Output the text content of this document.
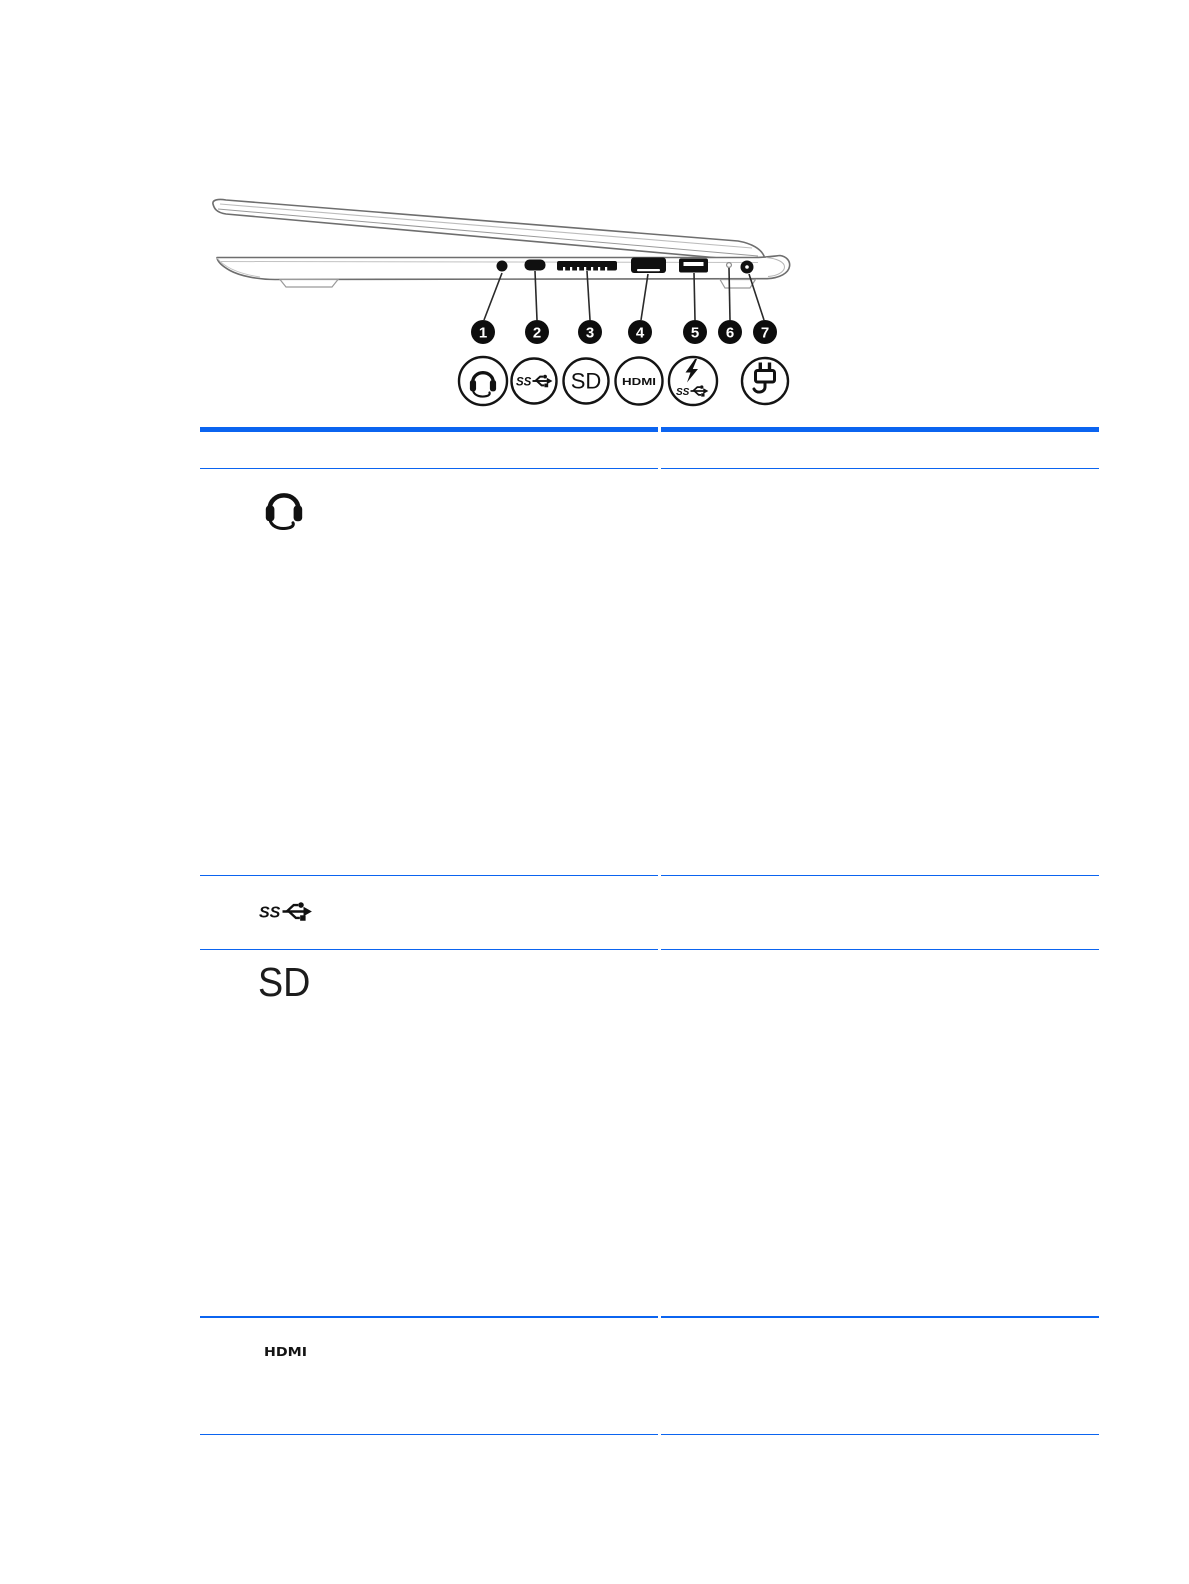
1	2	3	4	5 6 7
SS SD HDMI
SS
SS
SD
HDMI
